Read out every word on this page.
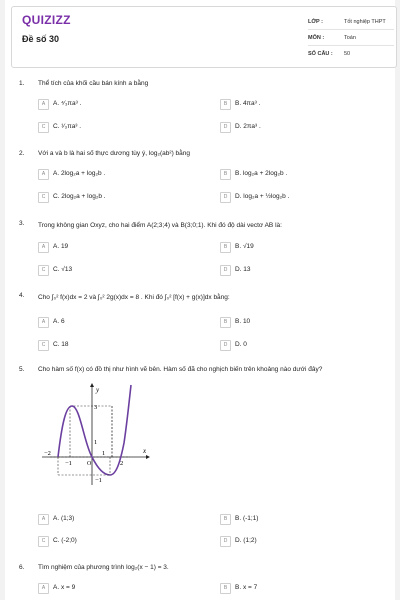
QUIZIZZ
Đề số 30
LỚP :	Tốt nghiệp THPT
MÔN :	Toán
SỐ CÂU : 50
1. Thể tích của khối cầu bán kính a bằng
A A. ⁴⁄₃πa³ .	B B. 4πa³ .
C C. ¹⁄₃πa³ .	D D. 2πa³ .
2. Với a và b là hai số thực dương tùy ý, log₂(ab²) bằng
A A. 2log₂a + log₂b .	B B. log₂a + 2log₂b .
C C. 2log₂a + log₂b .	D D. log₂a + ½log₂b .
3. Trong không gian Oxyz, cho hai điểm A(2;3;4) và B(3;0;1). Khi đó độ dài vectơ AB là:
A A. 19	B B. √19
C C. √13	D D. 13
4. Cho ∫₀² f(x)dx = 2 và ∫₀² 2g(x)dx = 8 . Khi đó ∫₀² [f(x) + g(x)]dx bằng:
A A. 6	B B. 10
C C. 18	D D. 0
5. Cho hàm số f(x) có đồ thị như hình vẽ bên. Hàm số đã cho nghịch biến trên khoảng nào dưới đây?
y
x
O
−2
−1
1
2
3
1
−1
A A. (1;3)	B B. (-1;1)
C C. (-2;0)	D D. (1;2)
6. Tìm nghiệm của phương trình log₂(x − 1) = 3.
A A. x = 9	B B. x = 7
